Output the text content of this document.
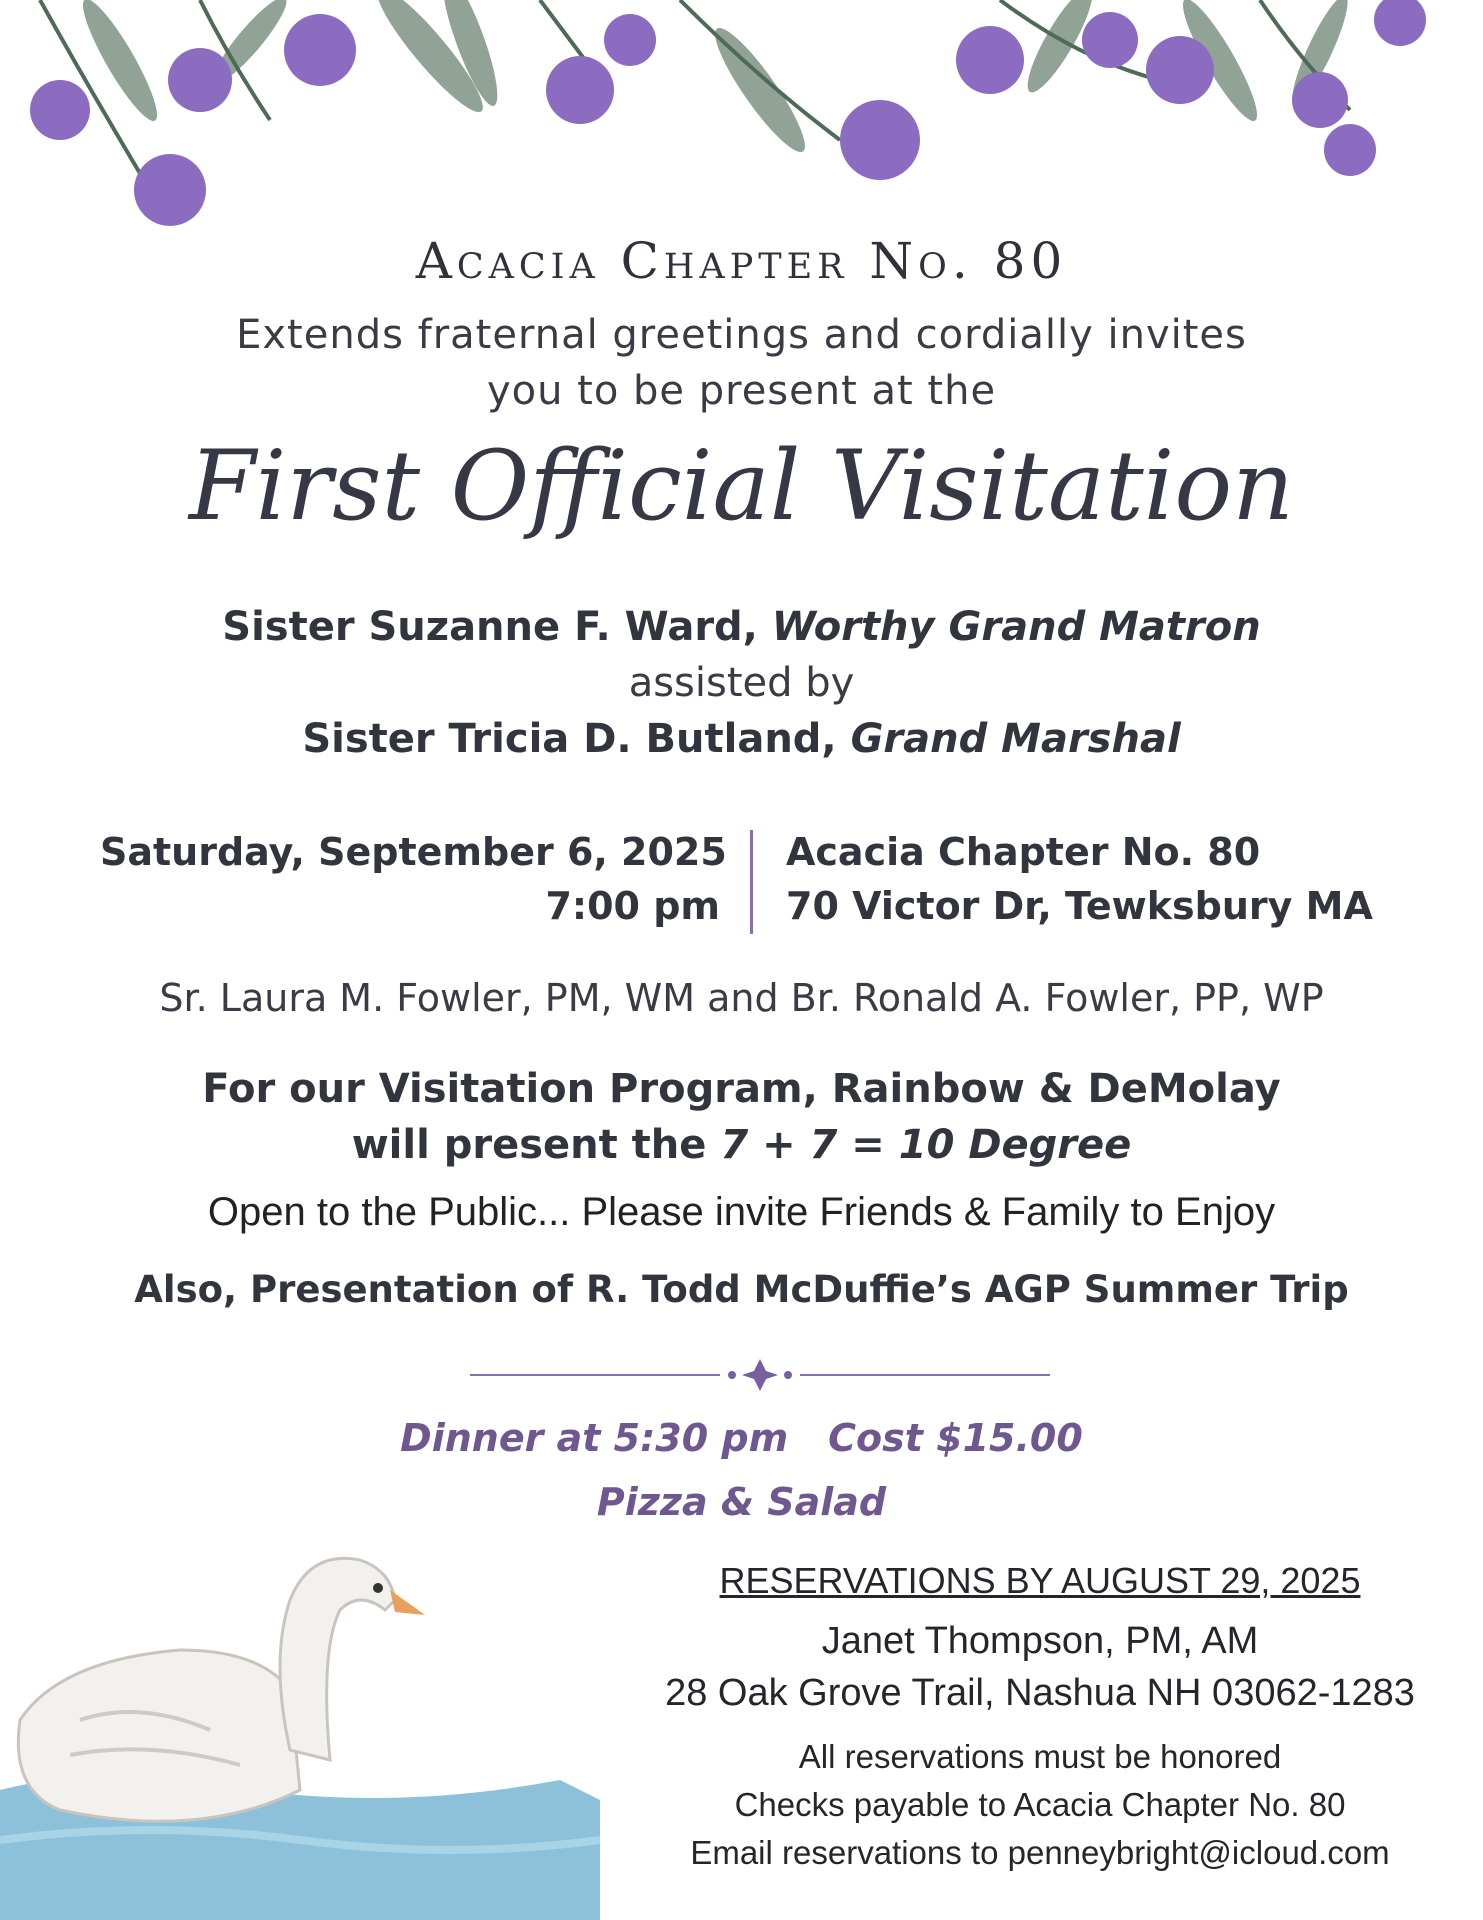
Acacia Chapter No. 80
Extends fraternal greetings and cordially invites
you to be present at the
First Official Visitation
Sister Suzanne F. Ward, Worthy Grand Matron
assisted by
Sister Tricia D. Butland, Grand Marshal
Saturday, September 6, 2025
7:00 pm
Acacia Chapter No. 80
70 Victor Dr, Tewksbury MA
Sr. Laura M. Fowler, PM, WM and Br. Ronald A. Fowler, PP, WP
For our Visitation Program, Rainbow & DeMolay
will present the 7 + 7 = 10 Degree
Open to the Public... Please invite Friends & Family to Enjoy
Also, Presentation of R. Todd McDuffie’s AGP Summer Trip
Dinner at 5:30 pm Cost $15.00
Pizza & Salad
RESERVATIONS BY AUGUST 29, 2025
Janet Thompson, PM, AM
28 Oak Grove Trail, Nashua NH 03062-1283
All reservations must be honored
Checks payable to Acacia Chapter No. 80
Email reservations to penneybright@icloud.com
